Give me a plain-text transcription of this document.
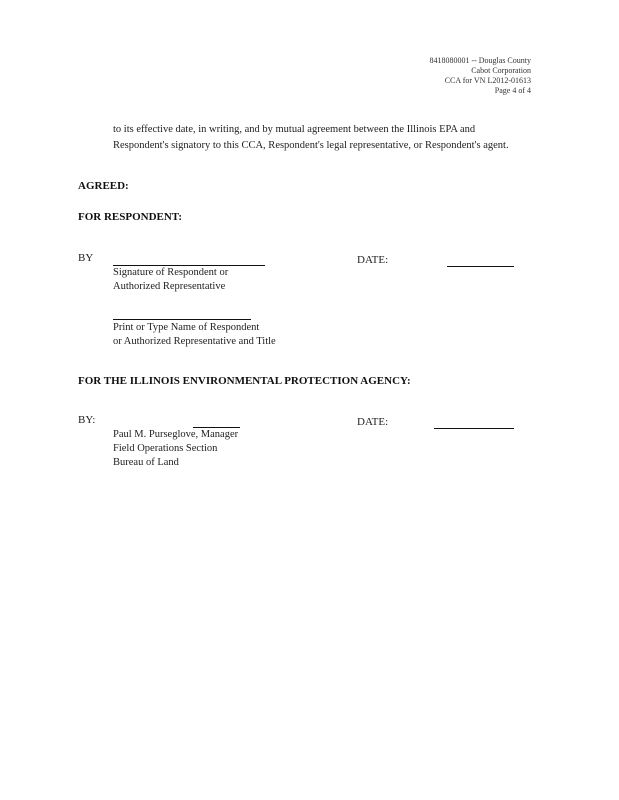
8418080001 -- Douglas County
Cabot Corporation
CCA for VN L2012-01613
Page 4 of 4
to its effective date, in writing, and by mutual agreement between the Illinois EPA and Respondent's signatory to this CCA, Respondent's legal representative, or Respondent's agent.
AGREED:
FOR RESPONDENT:
BY	DATE:
Signature of Respondent or
Authorized Representative
Print or Type Name of Respondent
or Authorized Representative and Title
FOR THE ILLINOIS ENVIRONMENTAL PROTECTION AGENCY:
BY:	DATE:
Paul M. Purseglove, Manager
Field Operations Section
Bureau of Land
